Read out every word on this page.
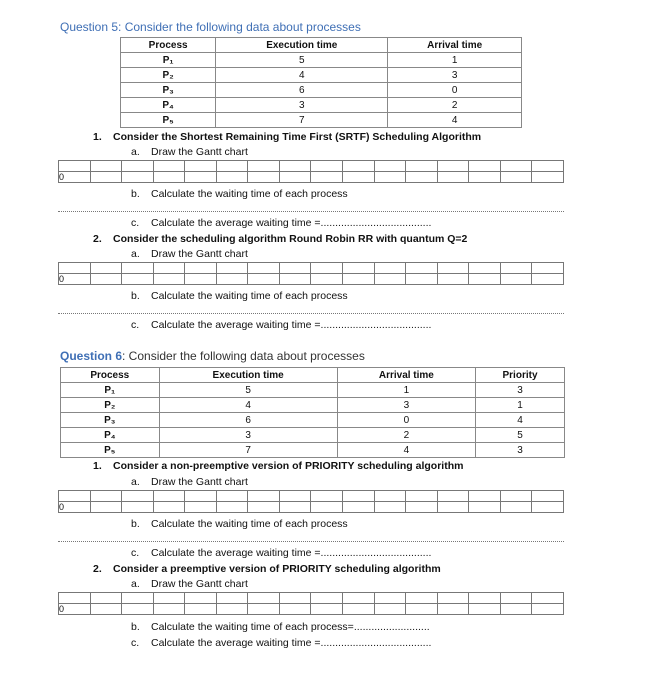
Question 5: Consider the following data about processes
Process	Execution time	Arrival time
P₁	5	1
P₂	4	3
P₃	6	0
P₄	3	2
P₅	7	4
1. Consider the Shortest Remaining Time First (SRTF) Scheduling Algorithm
a. Draw the Gantt chart

0															
b. Calculate the waiting time of each process
c. Calculate the average waiting time =......................................
2. Consider the scheduling algorithm Round Robin RR with quantum Q=2
a. Draw the Gantt chart

0															
b. Calculate the waiting time of each process
c. Calculate the average waiting time =......................................
Question 6: Consider the following data about processes
Process	Execution time	Arrival time	Priority
P₁	5	1	3
P₂	4	3	1
P₃	6	0	4
P₄	3	2	5
P₅	7	4	3
1. Consider a non-preemptive version of PRIORITY scheduling algorithm
a. Draw the Gantt chart

0															
b. Calculate the waiting time of each process
c. Calculate the average waiting time =......................................
2. Consider a preemptive version of PRIORITY scheduling algorithm
a. Draw the Gantt chart

0															
b. Calculate the waiting time of each process=..........................
c. Calculate the average waiting time =......................................
